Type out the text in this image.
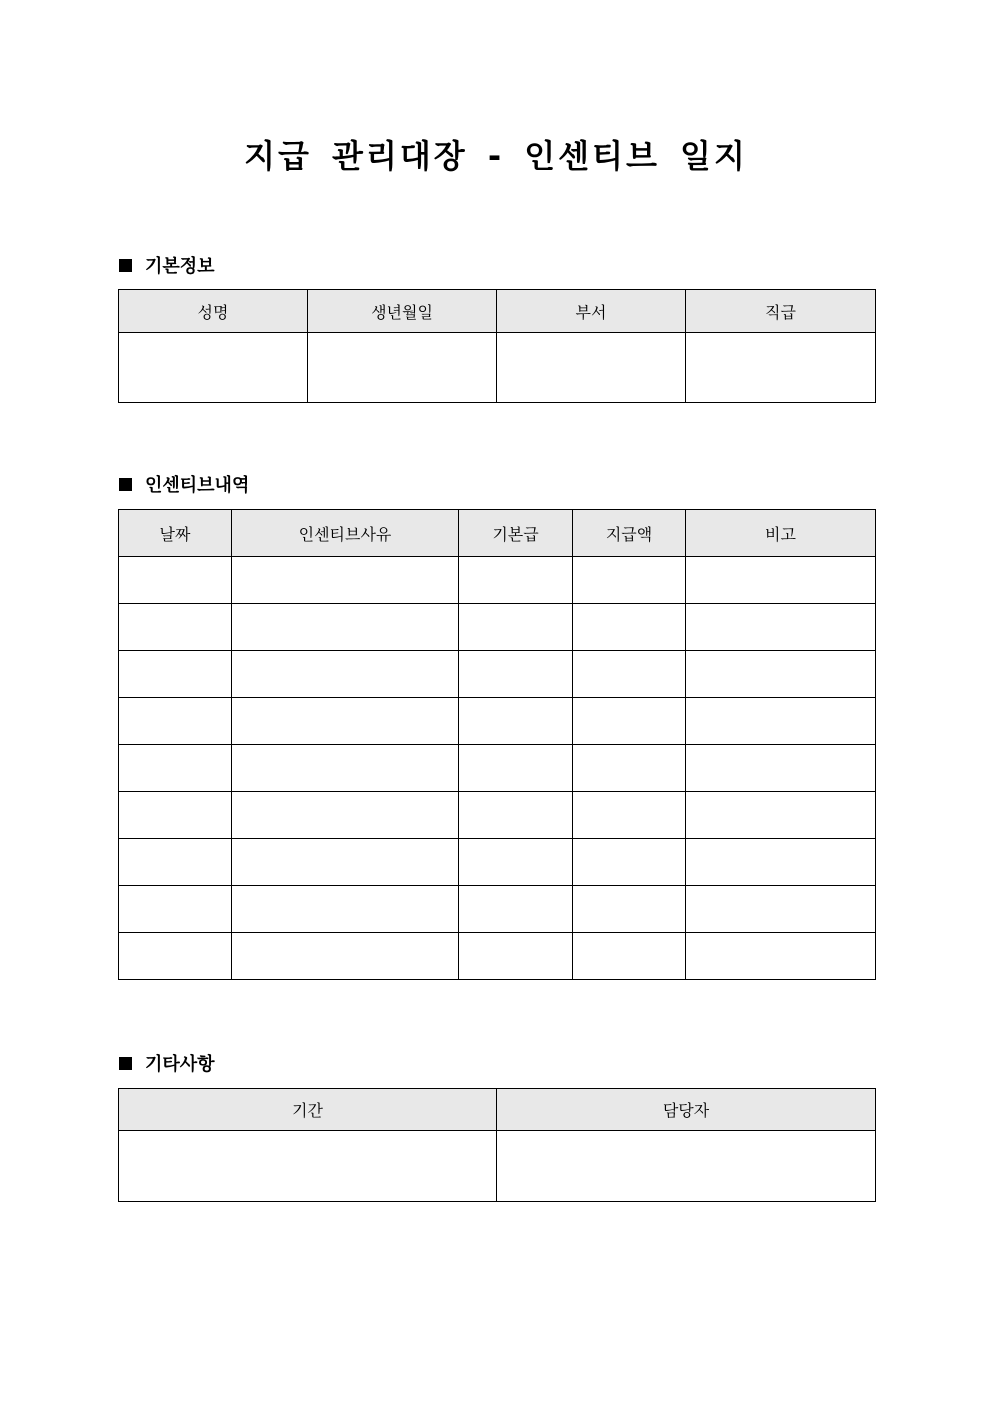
지급 관리대장 - 인센티브 일지
기본정보
성명	생년월일	부서	직급

인센티브내역
날짜	인센티브사유	기본급	지급액	비고

기타사항
기간	담당자
